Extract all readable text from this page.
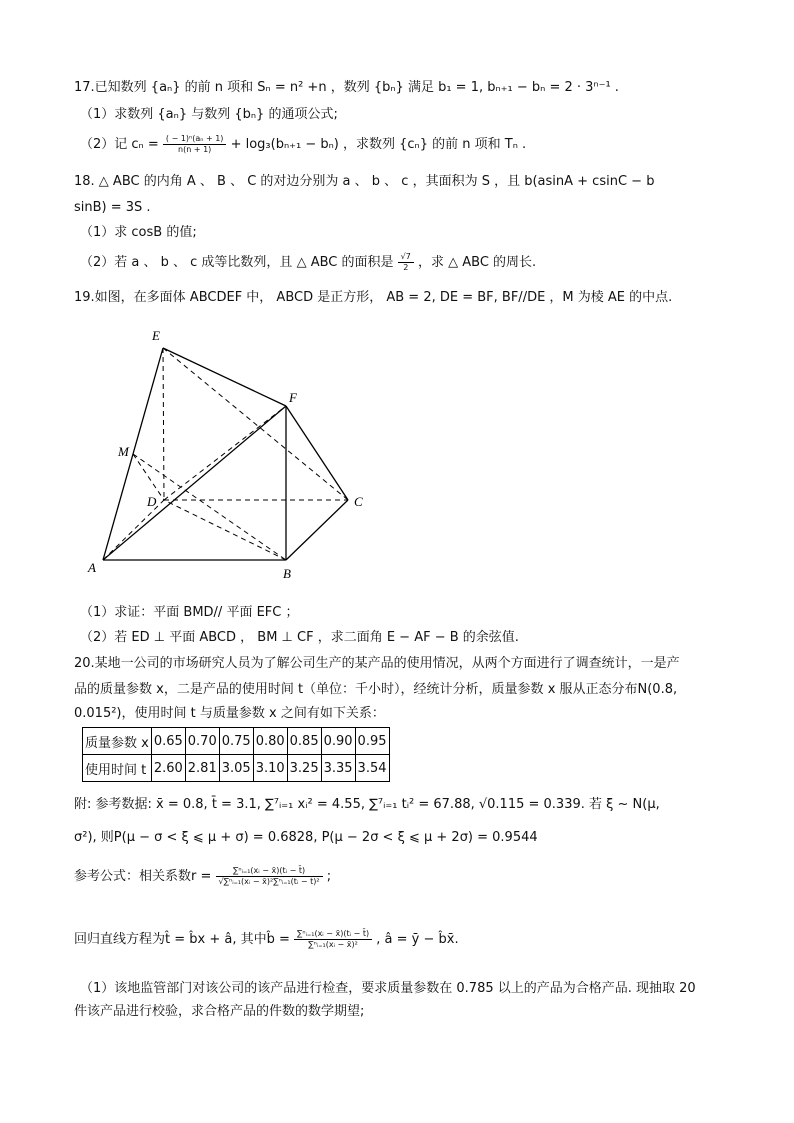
17.已知数列 {aₙ} 的前 n 项和 Sₙ = n² +n ，数列 {bₙ} 满足 b₁ = 1, bₙ₊₁ − bₙ = 2 · 3ⁿ⁻¹ .
（1）求数列 {aₙ} 与数列 {bₙ} 的通项公式;
（2）记 $c_n = \frac{\text{( − 1)ⁿ(aₙ + 1)}}{n(n + 1)} + \log_3(b_{n+1} - b_n)$ ，求数列 {cₙ} 的前 n 项和 Tₙ .
18. △ ABC 的内角 A 、 B 、 C 的对边分别为 a 、 b 、 c ，其面积为 S ，且 b(asinA + csinC − b
sinB) = 3S .
（1）求 cosB 的值;
（2）若 a 、 b 、 c 成等比数列，且 △ ABC 的面积是 $\frac{√7}{2}$ ，求 △ ABC 的周长.
19.如图，在多面体 ABCDEF 中， ABCD 是正方形， AB = 2, DE = BF, BF//DE ，M 为棱 AE 的中点.
E
F
M
D	C
A	B
（1）求证：平面 BMD// 平面 EFC ；
（2）若 ED ⊥ 平面 ABCD ， BM ⊥ CF ，求二面角 E − AF − B 的余弦值.
20.某地一公司的市场研究人员为了解公司生产的某产品的使用情况，从两个方面进行了调查统计，一是产
品的质量参数 x，二是产品的使用时间 t（单位：千小时），经统计分析，质量参数 x 服从正态分布N(0.8,
0.015²)，使用时间 t 与质量参数 x 之间有如下关系：
质量参数 x	0.65	0.70	0.75	0.80	0.85	0.90	0.95
使用时间 t	2.60	2.81	3.05	3.10	3.25	3.35	3.54
附: 参考数据: x̄ = 0.8, t̄ = 3.1, ∑⁷ᵢ₌₁ xᵢ² = 4.55, ∑⁷ᵢ₌₁ tᵢ² = 67.88, √0.115 = 0.339. 若 ξ ~ N(μ,
σ²), 则P(μ − σ < ξ ⩽ μ + σ) = 0.6828, P(μ − 2σ < ξ ⩽ μ + 2σ) = 0.9544
参考公式：相关系数$r = \frac{\text{∑ⁿᵢ₌₁(xᵢ − x̄)(tᵢ − t̄)}}{\text{√∑ⁿᵢ₌₁(xᵢ − x̄)²∑ⁿᵢ₌₁(tᵢ − t̄)²}}$ ;
回归直线方程为t̂ = b̂x + â, 其中b̂ = $\frac{\text{∑ⁿᵢ₌₁(xᵢ − x̄)(tᵢ − t̄)}}{\text{∑ⁿᵢ₌₁(xᵢ − x̄)²}}$ , â = ȳ − b̂x̄.
（1）该地监管部门对该公司的该产品进行检查，要求质量参数在 0.785 以上的产品为合格产品. 现抽取 20
件该产品进行校验，求合格产品的件数的数学期望;
